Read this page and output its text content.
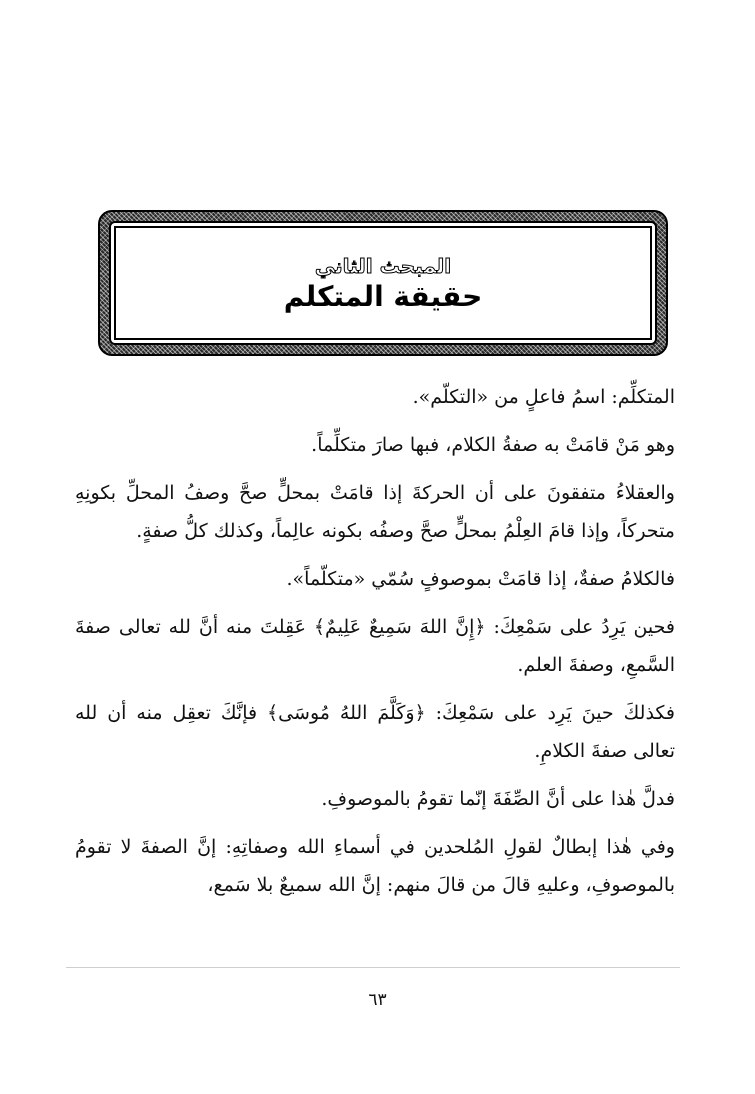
المبحث الثاني
حقيقة المتكلم

المتكلِّم: اسمُ فاعلٍ من «التكلّم».

وهو مَنْ قامَتْ به صفةُ الكلام، فبها صارَ متكلِّماً.

والعقلاءُ متفقونَ على أن الحركةَ إذا قامَتْ بمحلٍّ صحَّ وصفُ المحلِّ بكونِهِ متحركاً، وإذا قامَ العِلْمُ بمحلٍّ صحَّ وصفُه بكونه عالِماً، وكذلك كلُّ صفةٍ.

فالكلامُ صفةٌ، إذا قامَتْ بموصوفٍ سُمّي «متكلّماً».

فحين يَرِدُ على سَمْعِكَ: ﴿إِنَّ اللهَ سَمِيعٌ عَلِيمٌ﴾ عَقِلتَ منه أنَّ لله تعالى صفةَ السَّمعِ، وصفةَ العلم.

فكذلكَ حينَ يَرِد على سَمْعِكَ: ﴿وَكَلَّمَ اللهُ مُوسَى﴾ فإنَّكَ تعقِل منه أن لله تعالى صفةَ الكلامِ.

فدلَّ هٰذا على أنَّ الصِّفَةَ إنّما تقومُ بالموصوفِ.

وفي هٰذا إبطالٌ لقولِ المُلحدين في أسماءِ الله وصفاتِهِ: إنَّ الصفةَ لا تقومُ بالموصوفِ، وعليهِ قالَ من قالَ منهم: إنَّ الله سميعٌ بلا سَمع،

٦٣
